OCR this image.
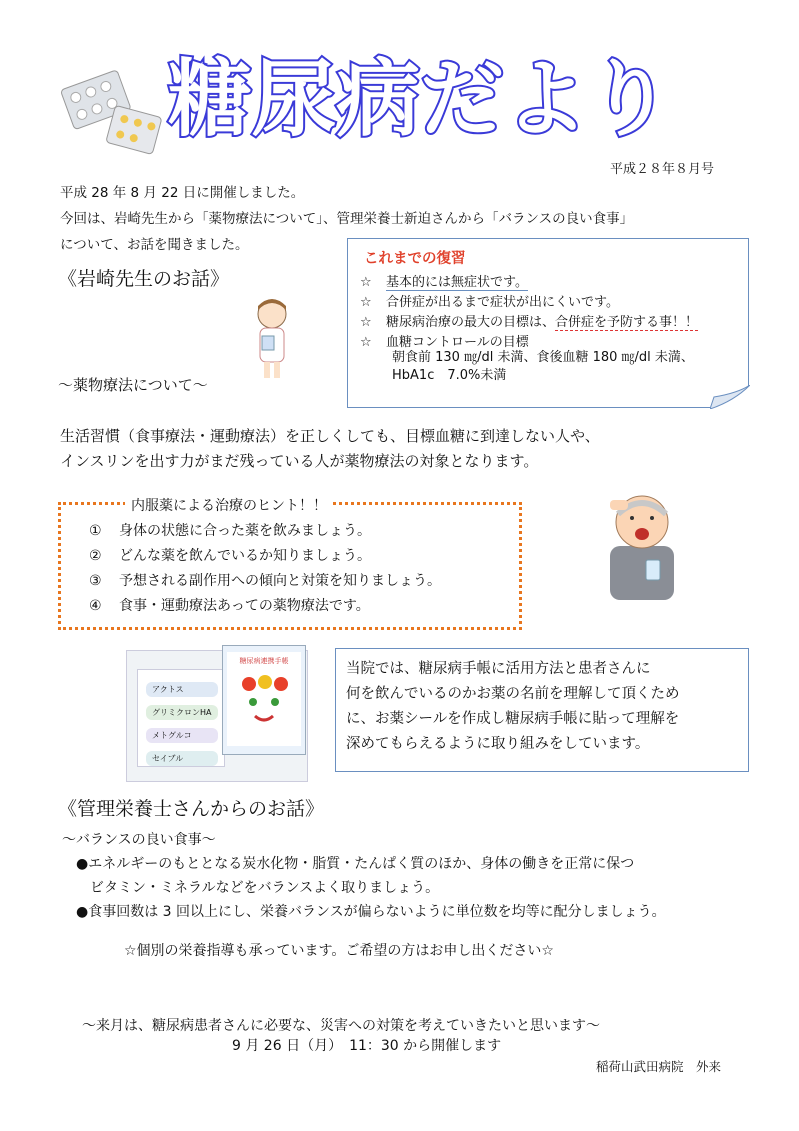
糖尿病だより
平成２８年８月号
平成 28 年 8 月 22 日に開催しました。
今回は、岩崎先生から「薬物療法について」、管理栄養士新迫さんから「バランスの良い食事」
について、お話を聞きました。
《岩崎先生のお話》
～薬物療法について～
これまでの復習
☆ 基本的には無症状です。
☆ 合併症が出るまで症状が出にくいです。
☆ 糖尿病治療の最大の目標は、合併症を予防する事！！
☆ 血糖コントロールの目標
朝食前 130 ㎎/dl 未満、食後血糖 180 ㎎/dl 未満、
HbA1c　7.0%未満
生活習慣（食事療法・運動療法）を正しくしても、目標血糖に到達しない人や、
インスリンを出す力がまだ残っている人が薬物療法の対象となります。
内服薬による治療のヒント！！
① 身体の状態に合った薬を飲みましょう。
② どんな薬を飲んでいるか知りましょう。
③ 予想される副作用への傾向と対策を知りましょう。
④ 食事・運動療法あっての薬物療法です。
アクトス
グリミクロンHA
メトグルコ
セイブル
糖尿病連携手帳	当院では、糖尿病手帳に活用方法と患者さんに
何を飲んでいるのかお薬の名前を理解して頂くため
に、お薬シールを作成し糖尿病手帳に貼って理解を
深めてもらえるように取り組みをしています。
《管理栄養士さんからのお話》
～バランスの良い食事～
●エネルギーのもととなる炭水化物・脂質・たんぱく質のほか、身体の働きを正常に保つ
ビタミン・ミネラルなどをバランスよく取りましょう。
●食事回数は 3 回以上にし、栄養バランスが偏らないように単位数を均等に配分しましょう。
☆個別の栄養指導も承っています。ご希望の方はお申し出ください☆
～来月は、糖尿病患者さんに必要な、災害への対策を考えていきたいと思います～
9 月 26 日（月）　11：30 から開催します
稲荷山武田病院　外来
